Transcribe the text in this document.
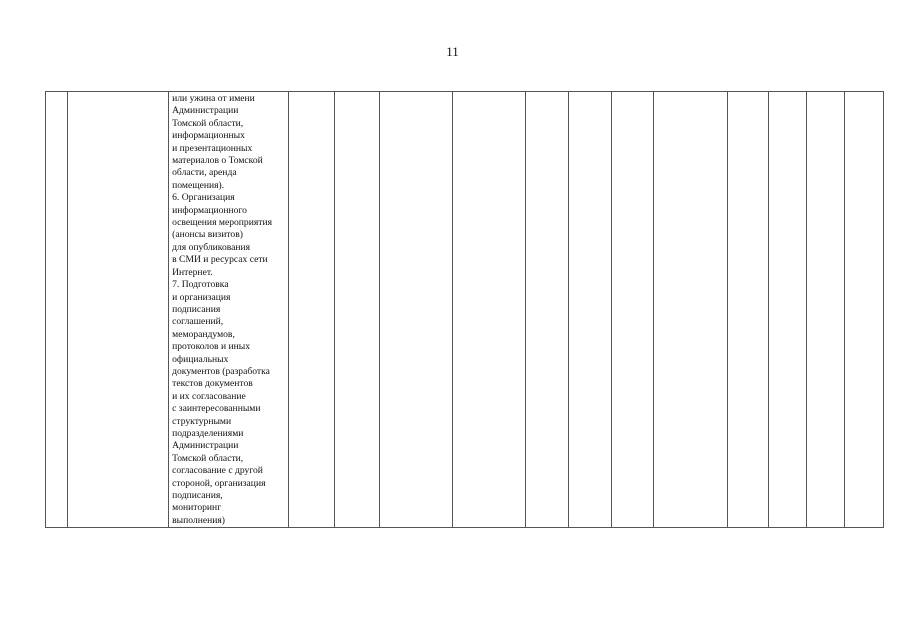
11
		или ужина от имени
Администрации
Томской области,
информационных
и презентационных
материалов о Томской
области, аренда
помещения).
6. Организация
информационного
освещения мероприятия
(анонсы визитов)
для опубликования
в СМИ и ресурсах сети
Интернет.
7. Подготовка
и организация
подписания
соглашений,
меморандумов,
протоколов и иных
официальных
документов (разработка
текстов документов
и их согласование
с заинтересованными
структурными
подразделениями
Администрации
Томской области,
согласование с другой
стороной, организация
подписания,
мониторинг
выполнения)												
